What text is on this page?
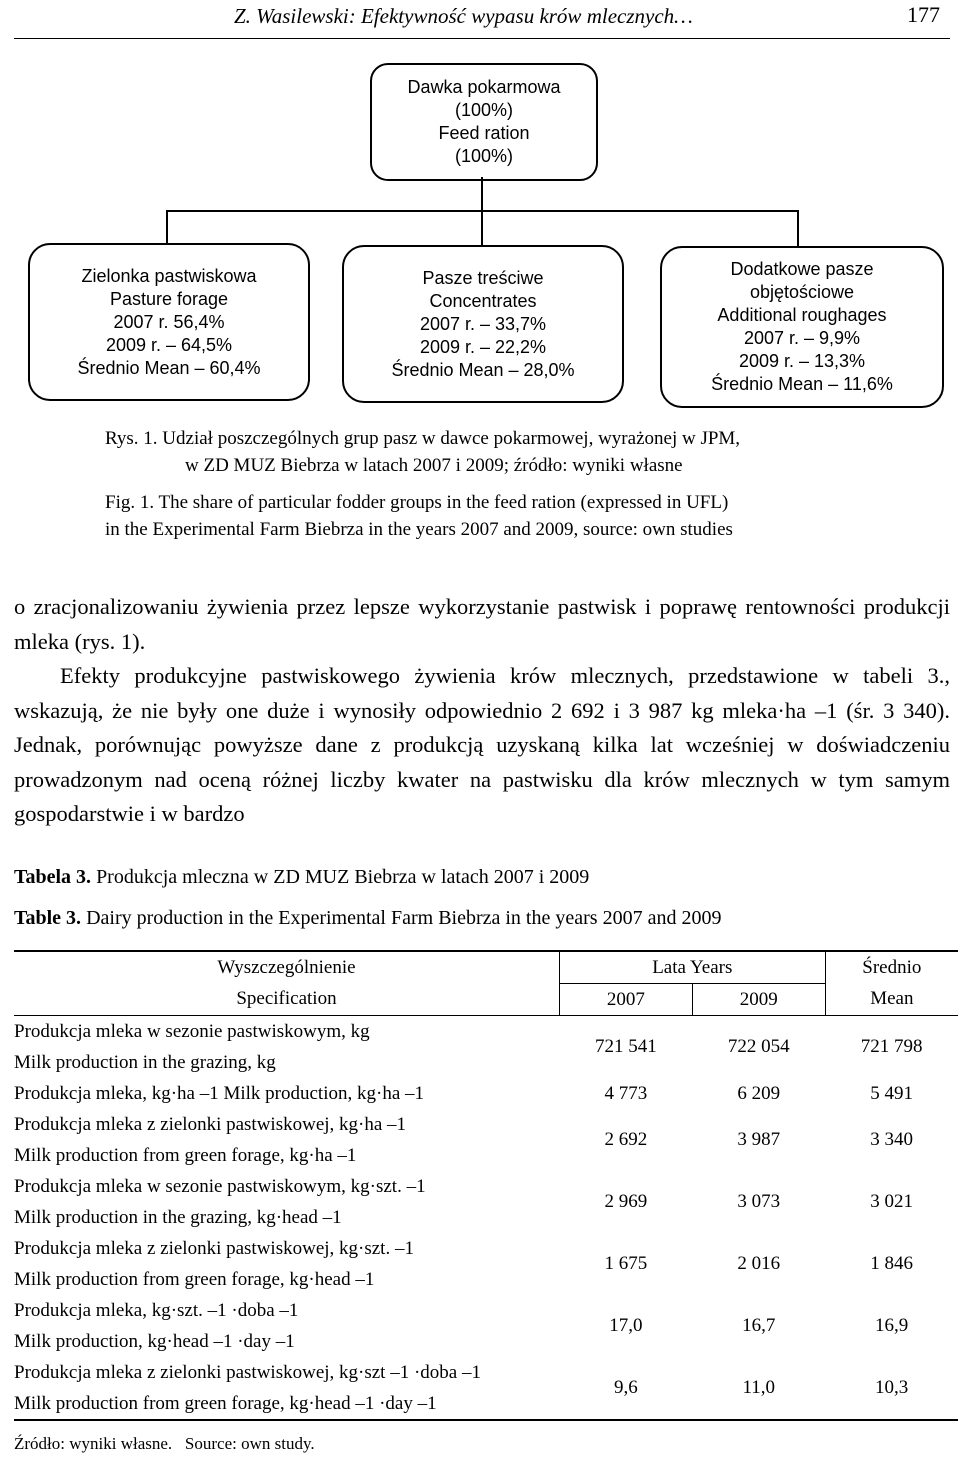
Z. Wasilewski: Efektywność wypasu krów mlecznych…	177
Dawka pokarmowa
(100%)
Feed ration
(100%)
Zielonka pastwiskowa
Pasture forage
2007 r. 56,4%
2009 r. – 64,5%
Średnio Mean – 60,4%
Pasze treściwe
Concentrates
2007 r. – 33,7%
2009 r. – 22,2%
Średnio Mean – 28,0%
Dodatkowe pasze
objętościowe
Additional roughages
2007 r. – 9,9%
2009 r. – 13,3%
Średnio Mean – 11,6%
Rys. 1. Udział poszczególnych grup pasz w dawce pokarmowej, wyrażonej w JPM,
w ZD MUZ Biebrza w latach 2007 i 2009; źródło: wyniki własne
Fig. 1. The share of particular fodder groups in the feed ration (expressed in UFL)
in the Experimental Farm Biebrza in the years 2007 and 2009, source: own studies

o zracjonalizowaniu żywienia przez lepsze wykorzystanie pastwisk i poprawę rentowności produkcji mleka (rys. 1).

Efekty produkcyjne pastwiskowego żywienia krów mlecznych, przedstawione w tabeli 3., wskazują, że nie były one duże i wynosiły odpowiednio 2 692 i 3 987 kg mleka·ha –1 (śr. 3 340). Jednak, porównując powyższe dane z produkcją uzyskaną kilka lat wcześniej w doświadczeniu prowadzonym nad oceną różnej liczby kwater na pastwisku dla krów mlecznych w tym samym gospodarstwie i w bardzo

Tabela 3. Produkcja mleczna w ZD MUZ Biebrza w latach 2007 i 2009
Table 3. Dairy production in the Experimental Farm Biebrza in the years 2007 and 2009
Wyszczególnienie	Lata Years		Średnio
Specification	2007	2009	Mean

Produkcja mleka w sezonie pastwiskowym, kg
Milk production in the grazing, kg	721 541	722 054	721 798

Produkcja mleka, kg·ha –1 Milk production, kg·ha –1	4 773	6 209	5 491

Produkcja mleka z zielonki pastwiskowej, kg·ha –1
Milk production from green forage, kg·ha –1	2 692	3 987	3 340

Produkcja mleka w sezonie pastwiskowym, kg·szt. –1
Milk production in the grazing, kg·head –1	2 969	3 073	3 021

Produkcja mleka z zielonki pastwiskowej, kg·szt. –1
Milk production from green forage, kg·head –1	1 675	2 016	1 846

Produkcja mleka, kg·szt. –1 ·doba –1
Milk production, kg·head –1 ·day –1	17,0	16,7	16,9

Produkcja mleka z zielonki pastwiskowej, kg·szt –1 ·doba –1
Milk production from green forage, kg·head –1 ·day –1	9,6	11,0	10,3
Źródło: wyniki własne.   Source: own study.
